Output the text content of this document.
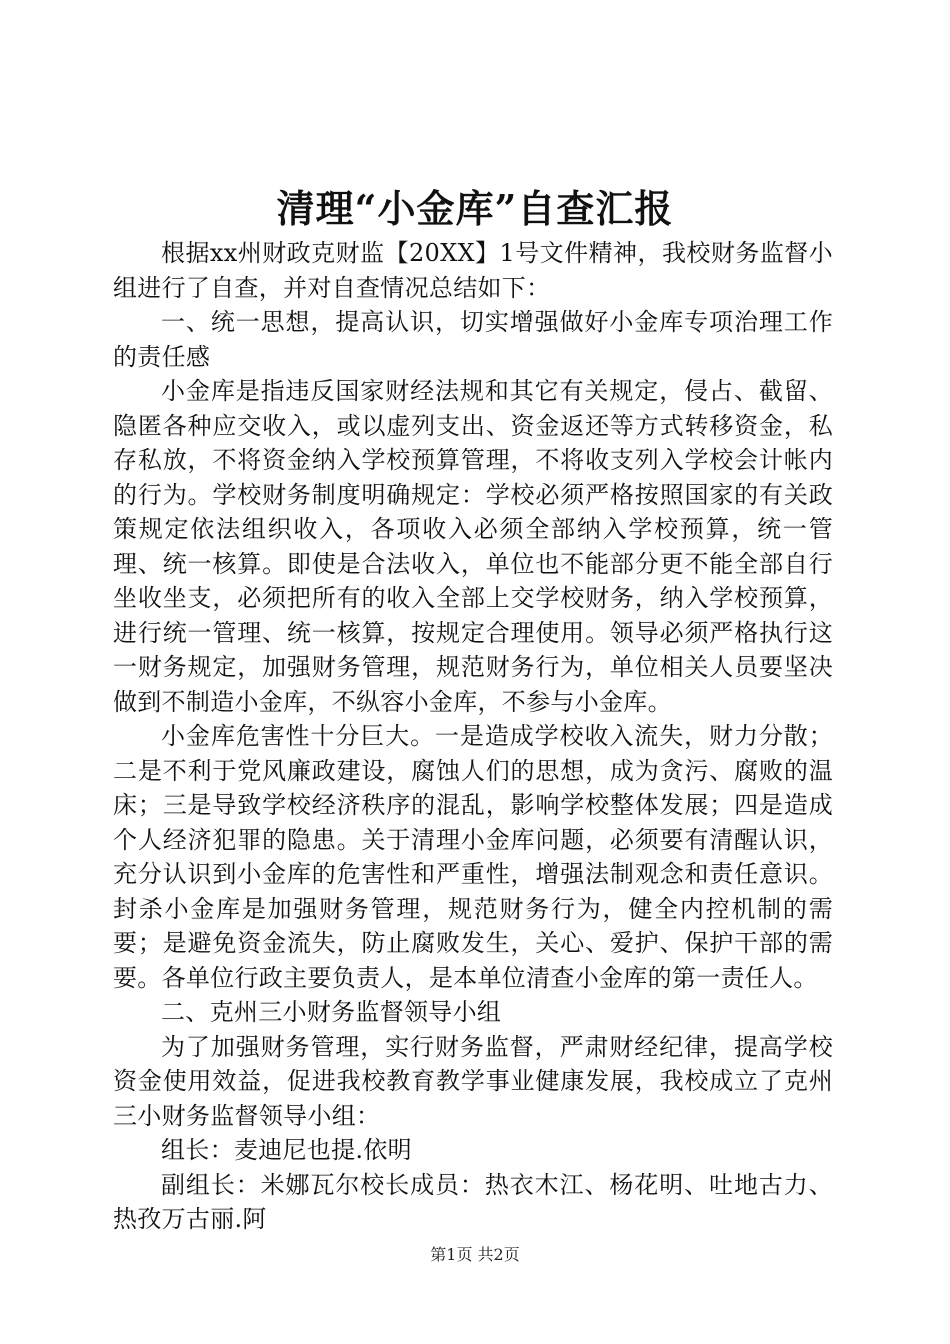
清理“小金库”自查汇报

根据xx州财政克财监【20XX】1号文件精神，我校财务监督小组进行了自查，并对自查情况总结如下：

一、统一思想，提高认识，切实增强做好小金库专项治理工作的责任感

小金库是指违反国家财经法规和其它有关规定，侵占、截留、隐匿各种应交收入，或以虚列支出、资金返还等方式转移资金，私存私放，不将资金纳入学校预算管理，不将收支列入学校会计帐内的行为。学校财务制度明确规定：学校必须严格按照国家的有关政策规定依法组织收入，各项收入必须全部纳入学校预算，统一管理、统一核算。即使是合法收入，单位也不能部分更不能全部自行坐收坐支，必须把所有的收入全部上交学校财务，纳入学校预算，进行统一管理、统一核算，按规定合理使用。领导必须严格执行这一财务规定，加强财务管理，规范财务行为，单位相关人员要坚决做到不制造小金库，不纵容小金库，不参与小金库。

小金库危害性十分巨大。一是造成学校收入流失，财力分散；二是不利于党风廉政建设，腐蚀人们的思想，成为贪污、腐败的温床；三是导致学校经济秩序的混乱，影响学校整体发展；四是造成个人经济犯罪的隐患。关于清理小金库问题，必须要有清醒认识，充分认识到小金库的危害性和严重性，增强法制观念和责任意识。封杀小金库是加强财务管理，规范财务行为，健全内控机制的需要；是避免资金流失，防止腐败发生，关心、爱护、保护干部的需要。各单位行政主要负责人，是本单位清查小金库的第一责任人。

二、克州三小财务监督领导小组

为了加强财务管理，实行财务监督，严肃财经纪律，提高学校资金使用效益，促进我校教育教学事业健康发展，我校成立了克州三小财务监督领导小组：

组长：麦迪尼也提.依明

副组长：米娜瓦尔校长成员：热衣木江、杨花明、吐地古力、热孜万古丽.阿

第1页 共2页
